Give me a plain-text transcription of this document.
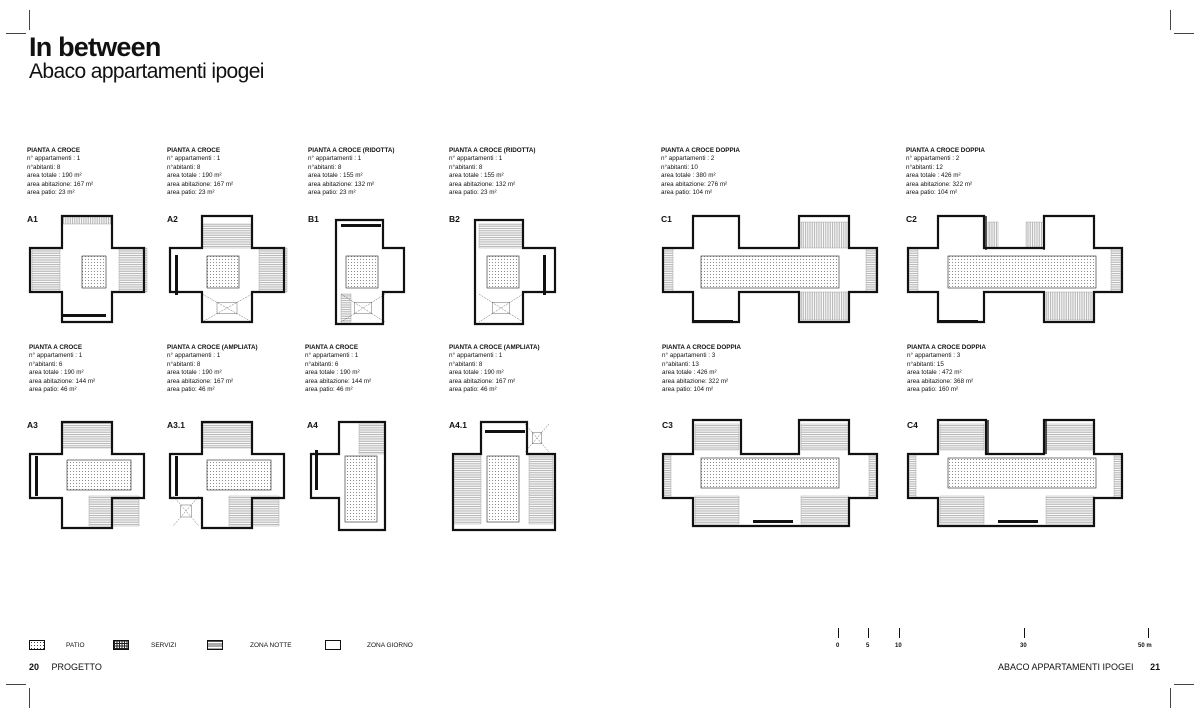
In between
Abaco appartamenti ipogei
PIANTA A CROCE
n° appartamenti : 1
n°abitanti: 8
area totale : 190 m²
area abitazione: 167 m²
area patio: 23 m²
A1
PIANTA A CROCE
n° appartamenti : 1
n°abitanti: 8
area totale : 190 m²
area abitazione: 167 m²
area patio: 23 m²
A2
PIANTA A CROCE (RIDOTTA)
n° appartamenti : 1
n°abitanti: 8
area totale : 155 m²
area abitazione: 132 m²
area patio: 23 m²
B1
PIANTA A CROCE (RIDOTTA)
n° appartamenti : 1
n°abitanti: 8
area totale : 155 m²
area abitazione: 132 m²
area patio: 23 m²
B2
PIANTA A CROCE DOPPIA
n° appartamenti : 2
n°abitanti: 10
area totale : 380 m²
area abitazione: 276 m²
area patio: 104 m²
C1
PIANTA A CROCE DOPPIA
n° appartamenti : 2
n°abitanti: 12
area totale : 426 m²
area abitazione: 322 m²
area patio: 104 m²
C2
PIANTA A CROCE
n° appartamenti : 1
n°abitanti: 6
area totale : 190 m²
area abitazione: 144 m²
area patio: 46 m²
A3
PIANTA A CROCE (AMPLIATA)
n° appartamenti : 1
n°abitanti: 8
area totale : 190 m²
area abitazione: 167 m²
area patio: 46 m²
A3.1
PIANTA A CROCE
n° appartamenti : 1
n°abitanti: 6
area totale : 190 m²
area abitazione: 144 m²
area patio: 46 m²
A4
PIANTA A CROCE (AMPLIATA)
n° appartamenti : 1
n°abitanti: 8
area totale : 190 m²
area abitazione: 167 m²
area patio: 46 m²
A4.1
PIANTA A CROCE DOPPIA
n° appartamenti : 3
n°abitanti: 13
area totale : 426 m²
area abitazione: 322 m²
area patio: 104 m²
C3
PIANTA A CROCE DOPPIA
n° appartamenti : 3
n°abitanti: 15
area totale : 472 m²
area abitazione: 368 m²
area patio: 160 m²
C4
PATIO	SERVIZI	ZONA NOTTE	ZONA GIORNO	0	5	10	30	50 m
20 PROGETTO	ABACO APPARTAMENTI IPOGEI 21
